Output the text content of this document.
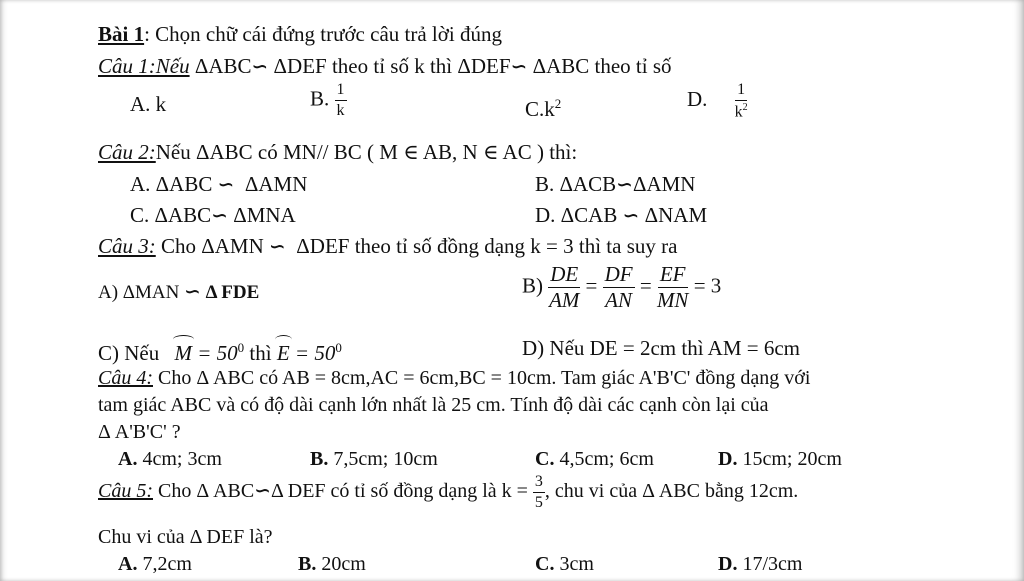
Bài 1: Chọn chữ cái đứng trước câu trả lời đúng
Câu 1:Nếu ΔABC∽ ΔDEF theo tỉ số k thì ΔDEF∽ ΔABC theo tỉ số
A. k	B. $\frac{1}{k}$	$C.k^2$	D. $\frac{1}{k^2}$
Câu 2:Nếu ΔABC có MN// BC ( M ∈ AB, N ∈ AC ) thì:
A. ΔABC ∽ ΔAMN	B. ΔACB∽ΔAMN
C. ΔABC∽ ΔMNA	D. ΔCAB ∽ ΔNAM
Câu 3: Cho ΔAMN ∽ ΔDEF theo tỉ số đồng dạng k = 3 thì ta suy ra
A) ΔMAN ∽ Δ FDE	$B) \frac{DE}{AM} = \frac{DF}{AN} = \frac{EF}{MN} = 3$
C) Nếu $M = 50^0$ thì $E = 50^0$	D) Nếu DE = 2cm thì AM = 6cm
Câu 4: Cho Δ ABC có AB = 8cm,AC = 6cm,BC = 10cm. Tam giác A'B'C' đồng dạng với
tam giác ABC và có độ dài cạnh lớn nhất là 25 cm. Tính độ dài các cạnh còn lại của
Δ A'B'C' ?
A. 4cm; 3cm	B. 7,5cm; 10cm	C. 4,5cm; 6cm	D. 15cm; 20cm
Câu 5: Cho Δ ABC∽Δ DEF có tỉ số đồng dạng là $k = \frac{3}{5}$ , chu vi của Δ ABC bằng 12cm.
Chu vi của Δ DEF là?
A. 7,2cm	B. 20cm	C. 3cm	D. 17/3cm
